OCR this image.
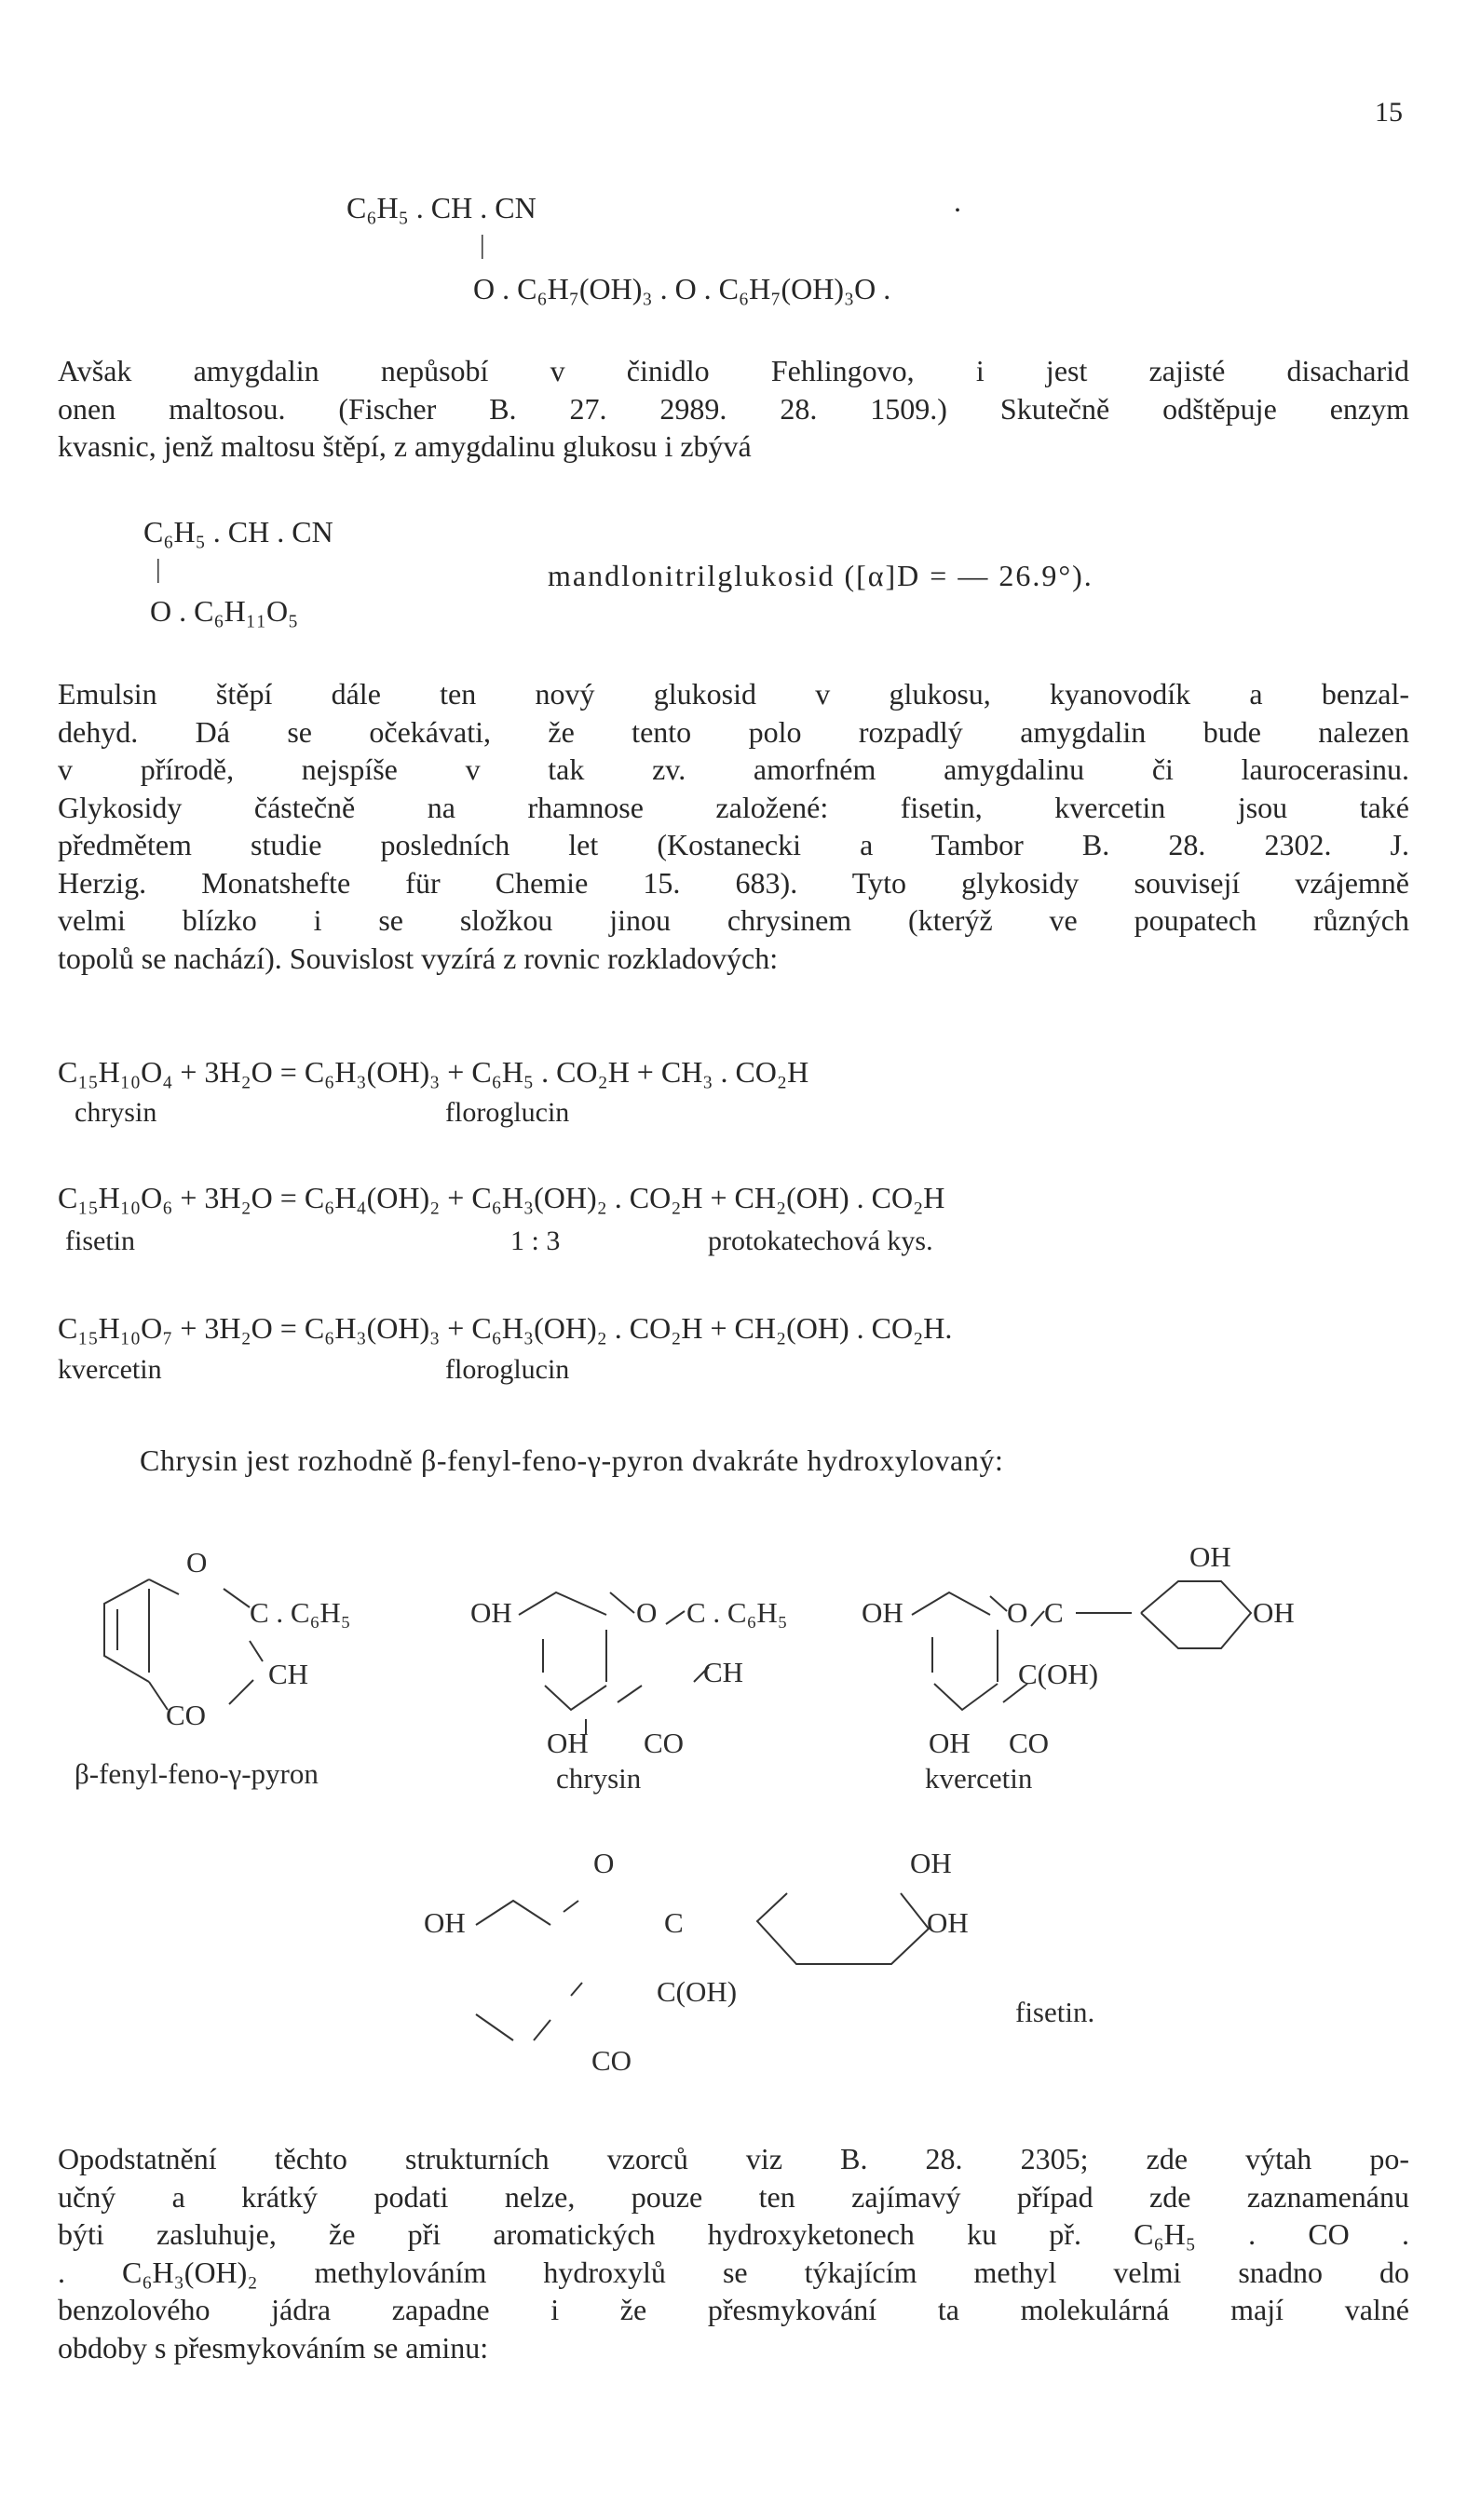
15
C₆H₅ . CH . CN
|
O . C₆H₇(OH)₃ . O . C₆H₇(OH)₃O .
.
Avšak amygdalin nepůsobí v činidlo Fehlingovo, i jest zajisté disacharid
onen maltosou. (Fischer B. 27. 2989. 28. 1509.) Skutečně odštěpuje enzym
kvasnic, jenž maltosu štěpí, z amygdalinu glukosu i zbývá
C₆H₅ . CH . CN
|
O . C₆H₁₁O₅
mandlonitrilglukosid ([α]D = — 26.9°).
Emulsin štěpí dále ten nový glukosid v glukosu, kyanovodík a benzal-
dehyd. Dá se očekávati, že tento polo rozpadlý amygdalin bude nalezen
v přírodě, nejspíše v tak zv. amorfném amygdalinu či laurocerasinu.
Glykosidy částečně na rhamnose založené: fisetin, kvercetin jsou také
předmětem studie posledních let (Kostanecki a Tambor B. 28. 2302. J.
Herzig. Monatshefte für Chemie 15. 683). Tyto glykosidy souvisejí vzájemně
velmi blízko i se složkou jinou chrysinem (kterýž ve poupatech různých
topolů se nachází). Souvislost vyzírá z rovnic rozkladových:
C₁₅H₁₀O₄ + 3H₂O = C₆H₃(OH)₃ + C₆H₅ . CO₂H + CH₃ . CO₂H
chrysin	floroglucin
C₁₅H₁₀O₆ + 3H₂O = C₆H₄(OH)₂ + C₆H₃(OH)₂ . CO₂H + CH₂(OH) . CO₂H
fisetin	1 : 3	protokatechová kys.
C₁₅H₁₀O₇ + 3H₂O = C₆H₃(OH)₃ + C₆H₃(OH)₂ . CO₂H + CH₂(OH) . CO₂H.
kvercetin	floroglucin
Chrysin jest rozhodně β-fenyl-feno-γ-pyron dvakráte hydroxylovaný:
O
C . C₆H₅
CH
CO
β-fenyl-feno-γ-pyron
OH	O C . C₆H₅
CH
OH CO
chrysin
OH	O C
OH
OH
C(OH)
OH CO
kvercetin
OH
O
C
OH
OH
C(OH)
CO
fisetin.
Opodstatnění těchto strukturních vzorců viz B. 28. 2305; zde výtah po-
učný a krátký podati nelze, pouze ten zajímavý případ zde zaznamenánu
býti zasluhuje, že při aromatických hydroxyketonech ku př. C₆H₅ . CO .
. C₆H₃(OH)₂ methylováním hydroxylů se týkajícím methyl velmi snadno do
benzolového jádra zapadne i že přesmykování ta molekulárná mají valné
obdoby s přesmykováním se aminu:
